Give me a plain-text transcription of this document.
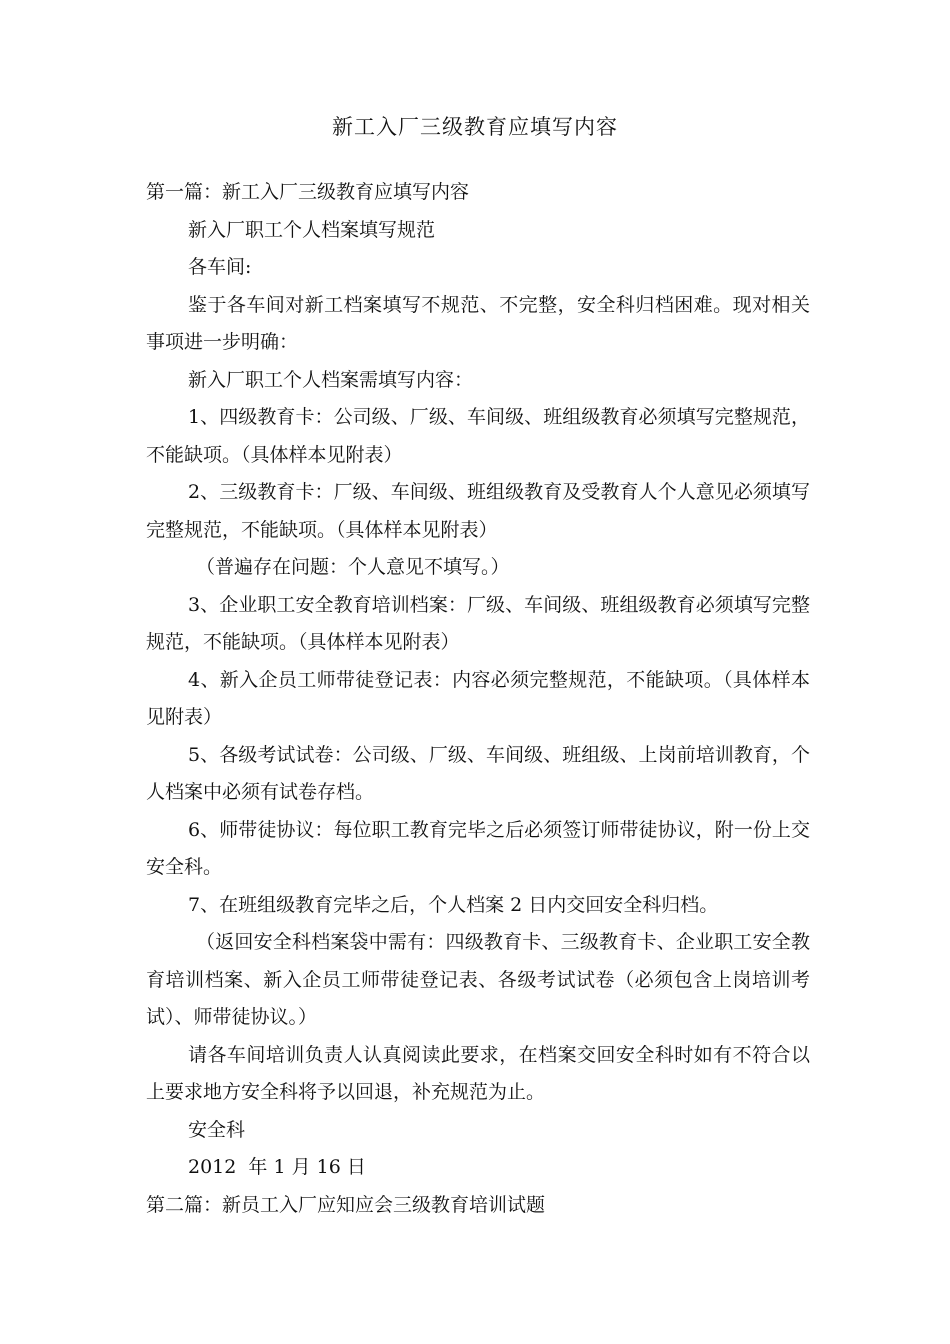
新工入厂三级教育应填写内容

第一篇：新工入厂三级教育应填写内容

新入厂职工个人档案填写规范

各车间:

鉴于各车间对新工档案填写不规范、不完整，安全科归档困难。现对相关事项进一步明确：

新入厂职工个人档案需填写内容：

1、四级教育卡：公司级、厂级、车间级、班组级教育必须填写完整规范，不能缺项。（具体样本见附表）

2、三级教育卡：厂级、车间级、班组级教育及受教育人个人意见必须填写完整规范，不能缺项。（具体样本见附表）

（普遍存在问题：个人意见不填写。）

3、企业职工安全教育培训档案：厂级、车间级、班组级教育必须填写完整规范，不能缺项。（具体样本见附表）

4、新入企员工师带徒登记表：内容必须完整规范，不能缺项。（具体样本见附表）

5、各级考试试卷：公司级、厂级、车间级、班组级、上岗前培训教育，个人档案中必须有试卷存档。

6、师带徒协议：每位职工教育完毕之后必须签订师带徒协议，附一份上交安全科。

7、在班组级教育完毕之后，个人档案 2 日内交回安全科归档。

（返回安全科档案袋中需有：四级教育卡、三级教育卡、企业职工安全教育培训档案、新入企员工师带徒登记表、各级考试试卷（必须包含上岗培训考试）、师带徒协议。）

请各车间培训负责人认真阅读此要求，在档案交回安全科时如有不符合以上要求地方安全科将予以回退，补充规范为止。

安全科

2012  年 1 月 16 日

第二篇：新员工入厂应知应会三级教育培训试题
